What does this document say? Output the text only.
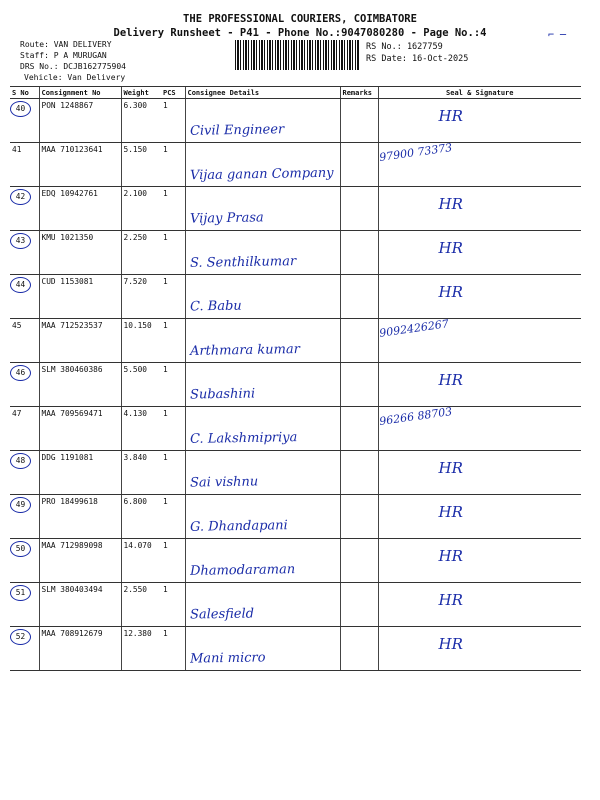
THE PROFESSIONAL COURIERS, COIMBATORE
Delivery Runsheet - P41 - Phone No.:9047080280 - Page No.:4
Route: VAN DELIVERY
Staff: P A MURUGAN
DRS No.: DCJB162775904
Vehicle: Van Delivery
RS No.: 1627759
RS Date: 16-Oct-2025
⌐ ─
S No	Consignment No	Weight	PCS	Consignee Details	Remarks	Seal & Signature
40	PON 1248867	6.300	1	Civil Engineer		HR

41	MAA 710123641	5.150	1	Vijaa ganan Company		97900 73373

42	EDQ 10942761	2.100	1	Vijay Prasa		HR

43	KMU 1021350	2.250	1	S. Senthilkumar		HR

44	CUD 1153081	7.520	1	C. Babu		HR

45	MAA 712523537	10.150	1	Arthmara kumar		9092426267

46	SLM 380460386	5.500	1	Subashini		HR

47	MAA 709569471	4.130	1	C. Lakshmipriya		96266 88703

48	DDG 1191081	3.840	1	Sai vishnu		HR

49	PRO 18499618	6.800	1	G. Dhandapani		HR

50	MAA 712989098	14.070	1	Dhamodaraman		HR

51	SLM 380403494	2.550	1	Salesfield		HR

52	MAA 708912679	12.380	1	Mani micro		HR
